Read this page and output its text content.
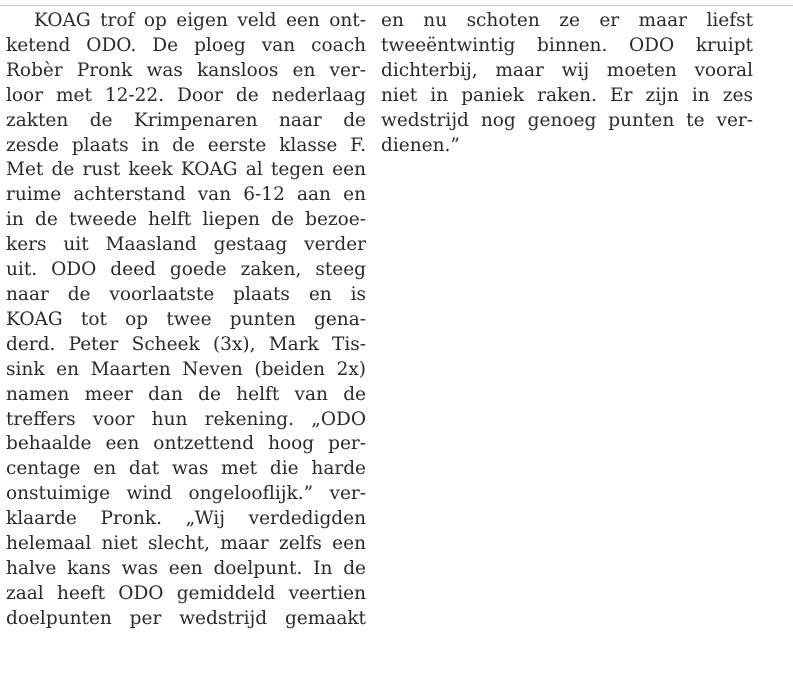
KOAG trof op eigen veld een ont-
ketend ODO. De ploeg van coach
Robèr Pronk was kansloos en ver-
loor met 12-22. Door de nederlaag
zakten de Krimpenaren naar de
zesde plaats in de eerste klasse F.
Met de rust keek KOAG al tegen een
ruime achterstand van 6-12 aan en
in de tweede helft liepen de bezoe-
kers uit Maasland gestaag verder
uit. ODO deed goede zaken, steeg
naar de voorlaatste plaats en is
KOAG tot op twee punten gena-
derd. Peter Scheek (3x), Mark Tis-
sink en Maarten Neven (beiden 2x)
namen meer dan de helft van de
treffers voor hun rekening. „ODO
behaalde een ontzettend hoog per-
centage en dat was met die harde
onstuimige wind ongelooflijk.” ver-
klaarde Pronk. „Wij verdedigden
helemaal niet slecht, maar zelfs een
halve kans was een doelpunt. In de
zaal heeft ODO gemiddeld veertien
doelpunten per wedstrijd gemaakt
en nu schoten ze er maar liefst
tweeëntwintig binnen. ODO kruipt
dichterbij, maar wij moeten vooral
niet in paniek raken. Er zijn in zes
wedstrijd nog genoeg punten te ver-
dienen.”
